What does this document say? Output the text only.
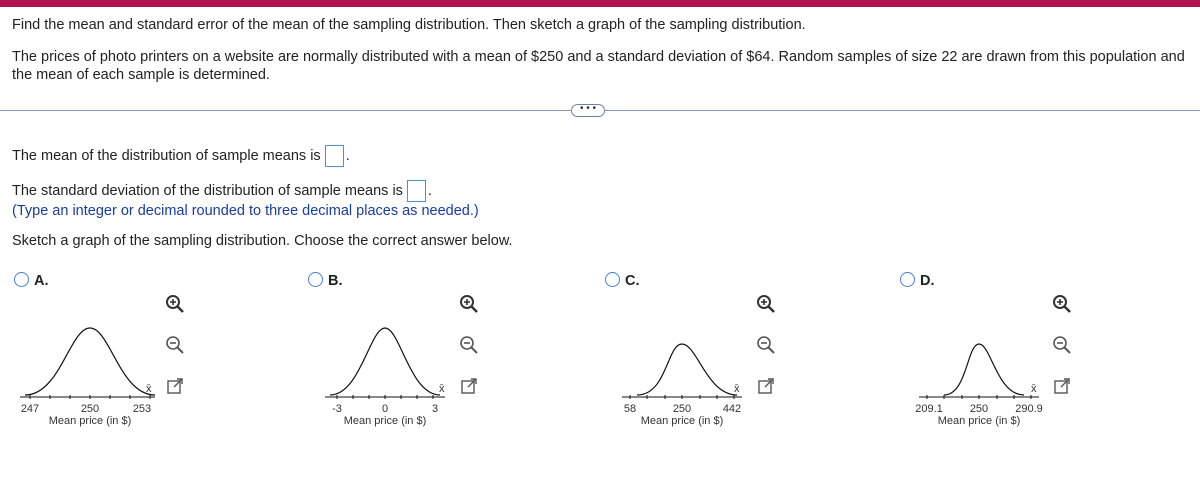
Find the mean and standard error of the mean of the sampling distribution. Then sketch a graph of the sampling distribution.
The prices of photo printers on a website are normally distributed with a mean of $250 and a standard deviation of $64. Random samples of size 22 are drawn from this population and the mean of each sample is determined.
• • •
The mean of the distribution of sample means is .
The standard deviation of the distribution of sample means is .
(Type an integer or decimal rounded to three decimal places as needed.)
Sketch a graph of the sampling distribution. Choose the correct answer below.
A.	B.	C.	D.
x̄
247	250	253
Mean price (in $)
x̄
-3	0	3
Mean price (in $)
x̄
58	250	442
Mean price (in $)
x̄
209.1 250 290.9
Mean price (in $)
